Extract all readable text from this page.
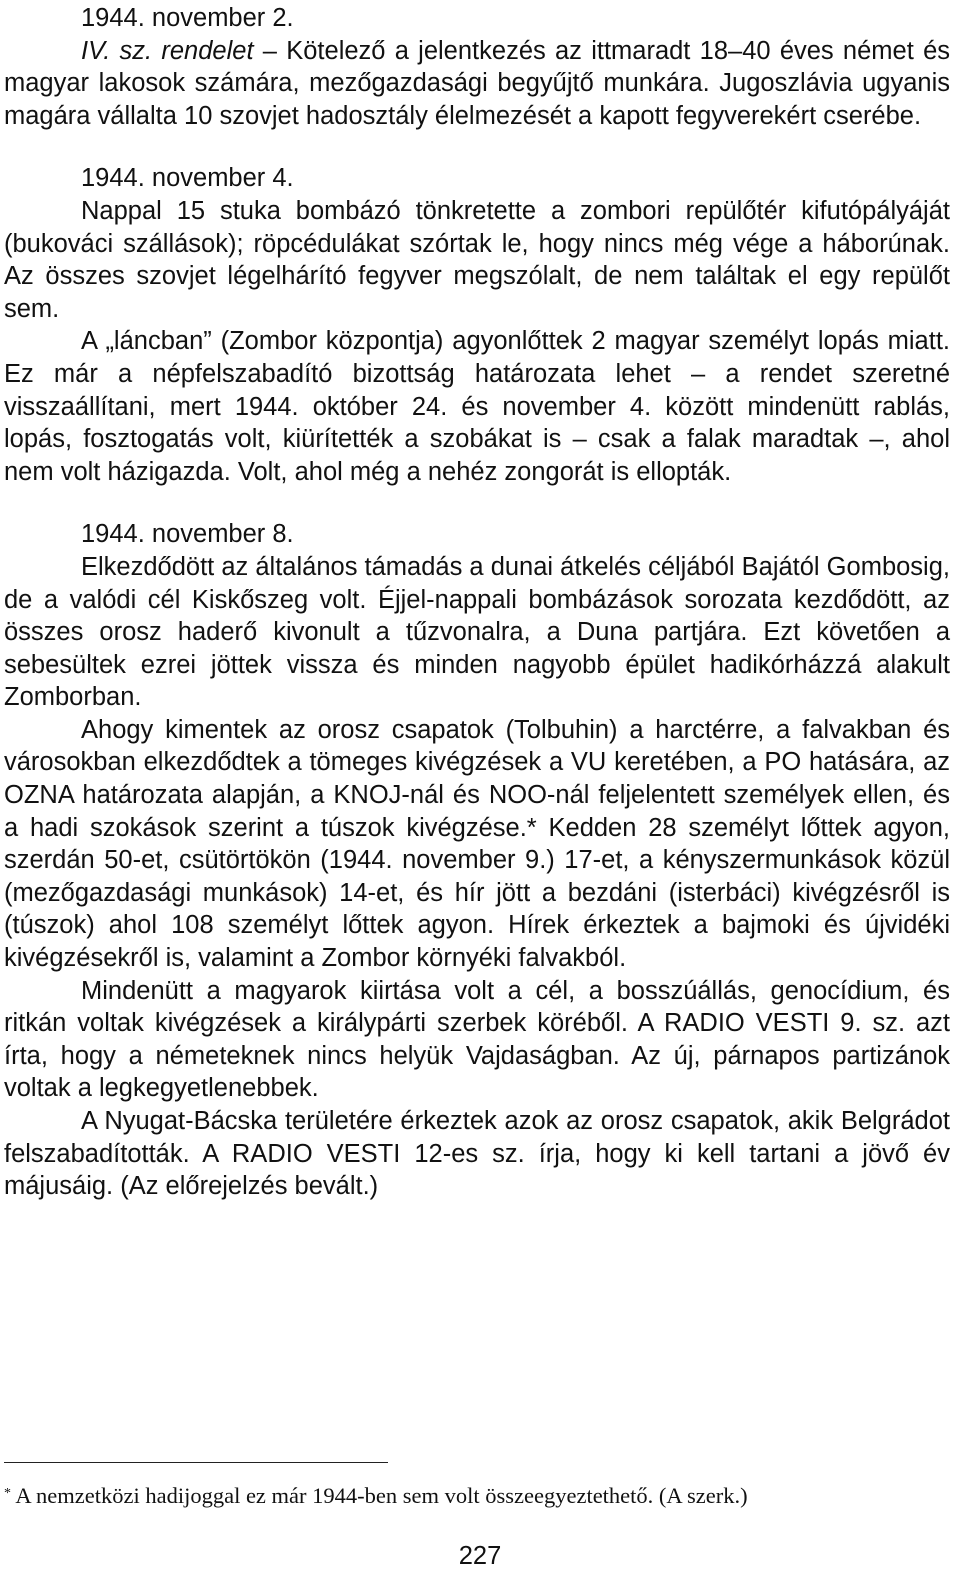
1944. november 2.

IV. sz. rendelet – Kötelező a jelentkezés az ittmaradt 18–40 éves német és magyar lakosok számára, mezőgazdasági begyűjtő munkára. Jugoszlávia ugyanis magára vállalta 10 szovjet hadosztály élelmezését a kapott fegyverekért cserébe.

1944. november 4.

Nappal 15 stuka bombázó tönkretette a zombori repülőtér kifutópályáját (bukováci szállások); röpcédulákat szórtak le, hogy nincs még vége a háborúnak. Az összes szovjet légelhárító fegyver megszólalt, de nem találtak el egy repülőt sem.

A „láncban” (Zombor központja) agyonlőttek 2 magyar személyt lopás miatt. Ez már a népfelszabadító bizottság határozata lehet – a rendet szeretné visszaállítani, mert 1944. október 24. és november 4. között mindenütt rablás, lopás, fosztogatás volt, kiürítették a szobákat is – csak a falak maradtak –, ahol nem volt házigazda. Volt, ahol még a nehéz zongorát is ellopták.

1944. november 8.

Elkezdődött az általános támadás a dunai átkelés céljából Bajától Gombosig, de a valódi cél Kiskőszeg volt. Éjjel-nappali bombázások sorozata kezdődött, az összes orosz haderő kivonult a tűzvonalra, a Duna partjára. Ezt követően a sebesültek ezrei jöttek vissza és minden nagyobb épület hadikórházzá alakult Zomborban.

Ahogy kimentek az orosz csapatok (Tolbuhin) a harctérre, a falvakban és városokban elkezdődtek a tömeges kivégzések a VU keretében, a PO hatására, az OZNA határozata alapján, a KNOJ-nál és NOO-nál feljelentett személyek ellen, és a hadi szokások szerint a túszok kivégzése.* Kedden 28 személyt lőttek agyon, szerdán 50-et, csütörtökön (1944. november 9.) 17-et, a kényszermunkások közül (mezőgazdasági munkások) 14-et, és hír jött a bezdáni (isterbáci) kivégzésről is (túszok) ahol 108 személyt lőttek agyon. Hírek érkeztek a bajmoki és újvidéki kivégzésekről is, valamint a Zombor környéki falvakból.

Mindenütt a magyarok kiirtása volt a cél, a bosszúállás, genocídium, és ritkán voltak kivégzések a királypárti szerbek köréből. A RADIO VESTI 9. sz. azt írta, hogy a németeknek nincs helyük Vajdaságban. Az új, párnapos partizánok voltak a legkegyetlenebbek.

A Nyugat-Bácska területére érkeztek azok az orosz csapatok, akik Belgrádot felszabadították. A RADIO VESTI 12-es sz. írja, hogy ki kell tartani a jövő év májusáig. (Az előrejelzés bevált.)

* A nemzetközi hadijoggal ez már 1944-ben sem volt összeegyeztethető. (A szerk.)

227
